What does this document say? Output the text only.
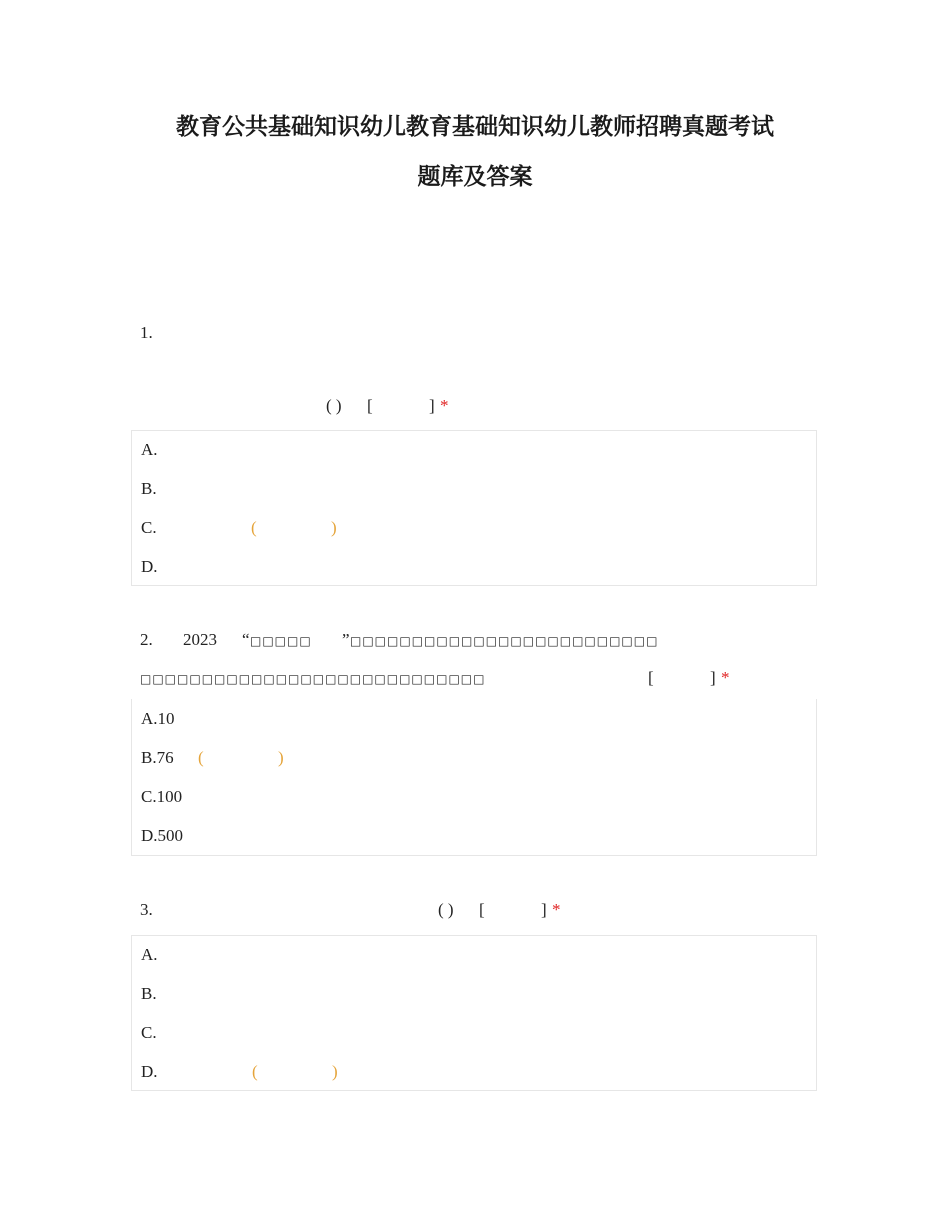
教育公共基础知识幼儿教育基础知识幼儿教师招聘真题考试
题库及答案
1.
( ) [	] *
A.
B.
C.	(	)
D.
2. 2023 “ □□□□□ ” □□□□□□□□□□□□□□□□□□□□□□□□□
□□□□□□□□□□□□□□□□□□□□□□□□□□□□	[	] *
A.10
B.76 (	)
C.100
D.500
3.	( ) [	] *
A.
B.
C.
D.	(	)
